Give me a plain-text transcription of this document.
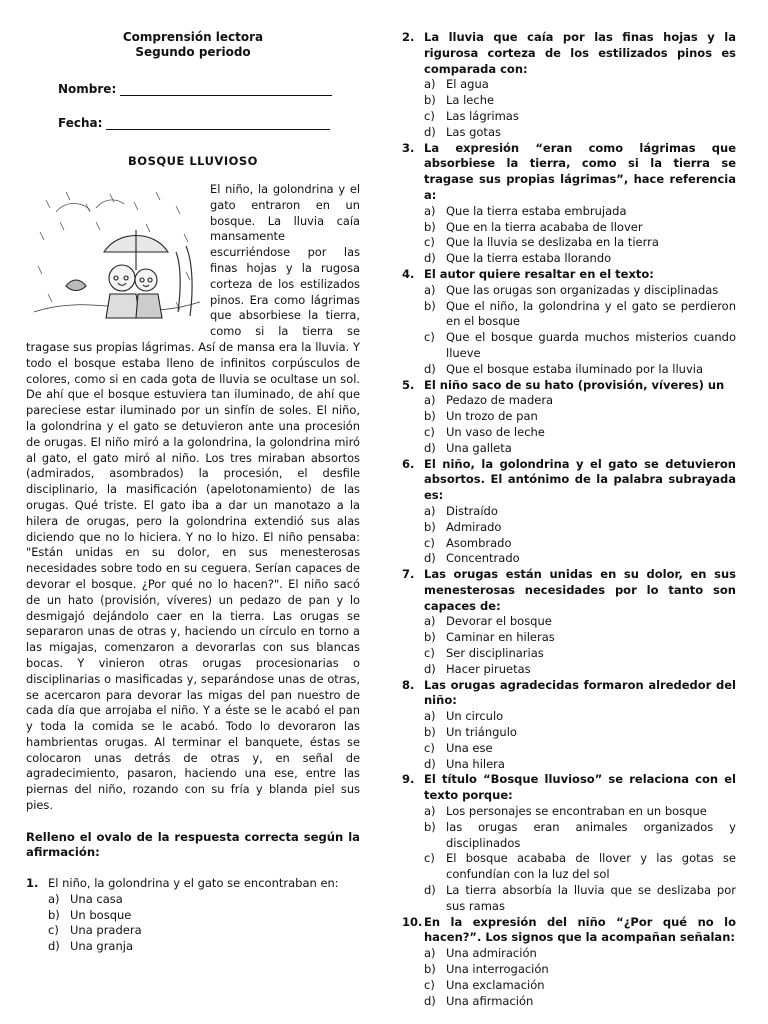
Comprensión lectora
Segundo periodo
Nombre:
Fecha:
BOSQUE LLUVIOSO
El niño, la golondrina y el gato entraron en un bosque. La lluvia caía mansamente escurriéndose por las finas hojas y la rugosa corteza de los estilizados pinos. Era como lágrimas que absorbiese la tierra, como si la tierra se tragase sus propias lágrimas. Así de mansa era la lluvia. Y todo el bosque estaba lleno de infinitos corpúsculos de colores, como si en cada gota de lluvia se ocultase un sol. De ahí que el bosque estuviera tan iluminado, de ahí que pareciese estar iluminado por un sinfín de soles. El niño, la golondrina y el gato se detuvieron ante una procesión de orugas. El niño miró a la golondrina, la golondrina miró al gato, el gato miró al niño. Los tres miraban absortos (admirados, asombrados) la procesión, el desfile disciplinario, la masificación (apelotonamiento) de las orugas. Qué triste. El gato iba a dar un manotazo a la hilera de orugas, pero la golondrina extendió sus alas diciendo que no lo hiciera. Y no lo hizo. El niño pensaba: "Están unidas en su dolor, en sus menesterosas necesidades sobre todo en su ceguera. Serían capaces de devorar el bosque. ¿Por qué no lo hacen?". El niño sacó de un hato (provisión, víveres) un pedazo de pan y lo desmigajó dejándolo caer en la tierra. Las orugas se separaron unas de otras y, haciendo un círculo en torno a las migajas, comenzaron a devorarlas con sus blancas bocas. Y vinieron otras orugas procesionarias o disciplinarias o masificadas y, separándose unas de otras, se acercaron para devorar las migas del pan nuestro de cada día que arrojaba el niño. Y a éste se le acabó el pan y toda la comida se le acabó. Todo lo devoraron las hambrientas orugas. Al terminar el banquete, éstas se colocaron unas detrás de otras y, en señal de agradecimiento, pasaron, haciendo una ese, entre las piernas del niño, rozando con su fría y blanda piel sus pies.
Relleno el ovalo de la respuesta correcta según la afirmación:
1. El niño, la golondrina y el gato se encontraban en:
a) Una casa
b) Un bosque
c) Una pradera
d) Una granja
2. La lluvia que caía por las finas hojas y la rigurosa corteza de los estilizados pinos es comparada con:
a) El agua
b) La leche
c) Las lágrimas
d) Las gotas
3. La expresión “eran como lágrimas que absorbiese la tierra, como si la tierra se tragase sus propias lágrimas”, hace referencia a:
a) Que la tierra estaba embrujada
b) Que en la tierra acababa de llover
c) Que la lluvia se deslizaba en la tierra
d) Que la tierra estaba llorando
4. El autor quiere resaltar en el texto:
a) Que las orugas son organizadas y disciplinadas
b) Que el niño, la golondrina y el gato se perdieron en el bosque
c) Que el bosque guarda muchos misterios cuando llueve
d) Que el bosque estaba iluminado por la lluvia
5. El niño saco de su hato (provisión, víveres) un
a) Pedazo de madera
b) Un trozo de pan
c) Un vaso de leche
d) Una galleta
6. El niño, la golondrina y el gato se detuvieron absortos. El antónimo de la palabra subrayada es:
a) Distraído
b) Admirado
c) Asombrado
d) Concentrado
7. Las orugas están unidas en su dolor, en sus menesterosas necesidades por lo tanto son capaces de:
a) Devorar el bosque
b) Caminar en hileras
c) Ser disciplinarias
d) Hacer piruetas
8. Las orugas agradecidas formaron alrededor del niño:
a) Un circulo
b) Un triángulo
c) Una ese
d) Una hilera
9. El título “Bosque lluvioso” se relaciona con el texto porque:
a) Los personajes se encontraban en un bosque
b) las orugas eran animales organizados y disciplinados
c) El bosque acababa de llover y las gotas se confundían con la luz del sol
d) La tierra absorbía la lluvia que se deslizaba por sus ramas
10. En la expresión del niño “¿Por qué no lo hacen?”. Los signos que la acompañan señalan:
a) Una admiración
b) Una interrogación
c) Una exclamación
d) Una afirmación
